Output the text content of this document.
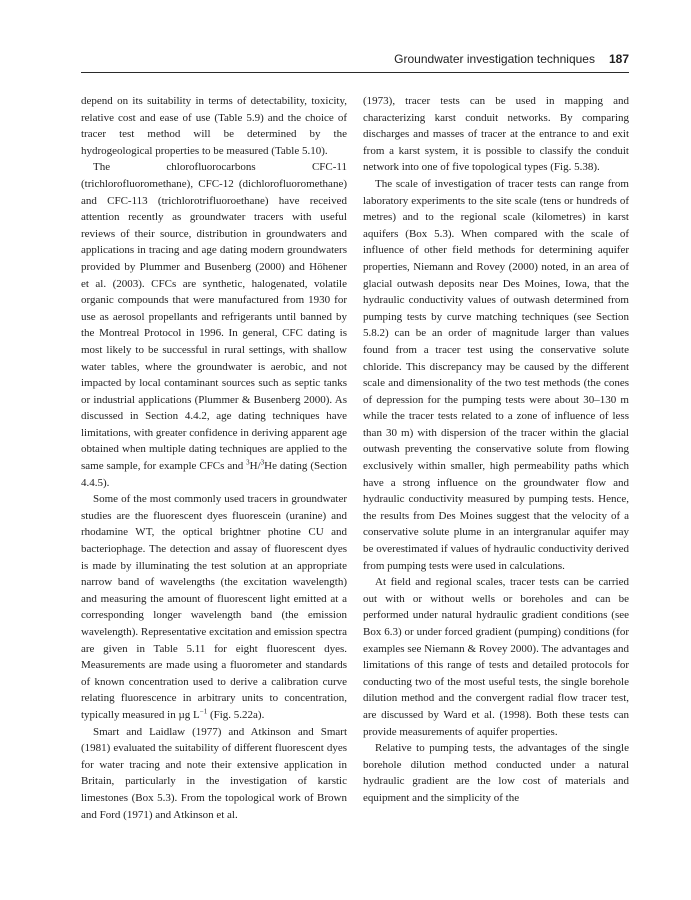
Groundwater investigation techniques 187

depend on its suitability in terms of detectability, toxicity, relative cost and ease of use (Table 5.9) and the choice of tracer test method will be determined by the hydrogeological properties to be measured (Table 5.10).

The chlorofluorocarbons CFC-11 (trichlorofluoromethane), CFC-12 (dichlorofluoromethane) and CFC-113 (trichlorotrifluoroethane) have received attention recently as groundwater tracers with useful reviews of their source, distribution in groundwaters and applications in tracing and age dating modern groundwaters provided by Plummer and Busenberg (2000) and Höhener et al. (2003). CFCs are synthetic, halogenated, volatile organic compounds that were manufactured from 1930 for use as aerosol propellants and refrigerants until banned by the Montreal Protocol in 1996. In general, CFC dating is most likely to be successful in rural settings, with shallow water tables, where the groundwater is aerobic, and not impacted by local contaminant sources such as septic tanks or industrial applications (Plummer & Busenberg 2000). As discussed in Section 4.4.2, age dating techniques have limitations, with greater confidence in deriving apparent age obtained when multiple dating techniques are applied to the same sample, for example CFCs and $^3$H/$^3$He dating (Section 4.4.5).

Some of the most commonly used tracers in groundwater studies are the fluorescent dyes fluorescein (uranine) and rhodamine WT, the optical brightner photine CU and bacteriophage. The detection and assay of fluorescent dyes is made by illuminating the test solution at an appropriate narrow band of wavelengths (the excitation wavelength) and measuring the amount of fluorescent light emitted at a corresponding longer wavelength band (the emission wavelength). Representative excitation and emission spectra are given in Table 5.11 for eight fluorescent dyes. Measurements are made using a fluorometer and standards of known concentration used to derive a calibration curve relating fluorescence in arbitrary units to concentration, typically measured in µg $L^{-1}$ (Fig. 5.22a).

Smart and Laidlaw (1977) and Atkinson and Smart (1981) evaluated the suitability of different fluorescent dyes for water tracing and note their extensive application in Britain, particularly in the investigation of karstic limestones (Box 5.3). From the topological work of Brown and Ford (1971) and Atkinson et al.

(1973), tracer tests can be used in mapping and characterizing karst conduit networks. By comparing discharges and masses of tracer at the entrance to and exit from a karst system, it is possible to classify the conduit network into one of five topological types (Fig. 5.38).

The scale of investigation of tracer tests can range from laboratory experiments to the site scale (tens or hundreds of metres) and to the regional scale (kilometres) in karst aquifers (Box 5.3). When compared with the scale of influence of other field methods for determining aquifer properties, Niemann and Rovey (2000) noted, in an area of glacial outwash deposits near Des Moines, Iowa, that the hydraulic conductivity values of outwash determined from pumping tests by curve matching techniques (see Section 5.8.2) can be an order of magnitude larger than values found from a tracer test using the conservative solute chloride. This discrepancy may be caused by the different scale and dimensionality of the two test methods (the cones of depression for the pumping tests were about 30–130 m while the tracer tests related to a zone of influence of less than 30 m) with dispersion of the tracer within the glacial outwash preventing the conservative solute from flowing exclusively within smaller, high permeability paths which have a strong influence on the groundwater flow and hydraulic conductivity measured by pumping tests. Hence, the results from Des Moines suggest that the velocity of a conservative solute plume in an intergranular aquifer may be overestimated if values of hydraulic conductivity derived from pumping tests were used in calculations.

At field and regional scales, tracer tests can be carried out with or without wells or boreholes and can be performed under natural hydraulic gradient conditions (see Box 6.3) or under forced gradient (pumping) conditions (for examples see Niemann & Rovey 2000). The advantages and limitations of this range of tests and detailed protocols for conducting two of the most useful tests, the single borehole dilution method and the convergent radial flow tracer test, are discussed by Ward et al. (1998). Both these tests can provide measurements of aquifer properties.

Relative to pumping tests, the advantages of the single borehole dilution method conducted under a natural hydraulic gradient are the low cost of materials and equipment and the simplicity of the
